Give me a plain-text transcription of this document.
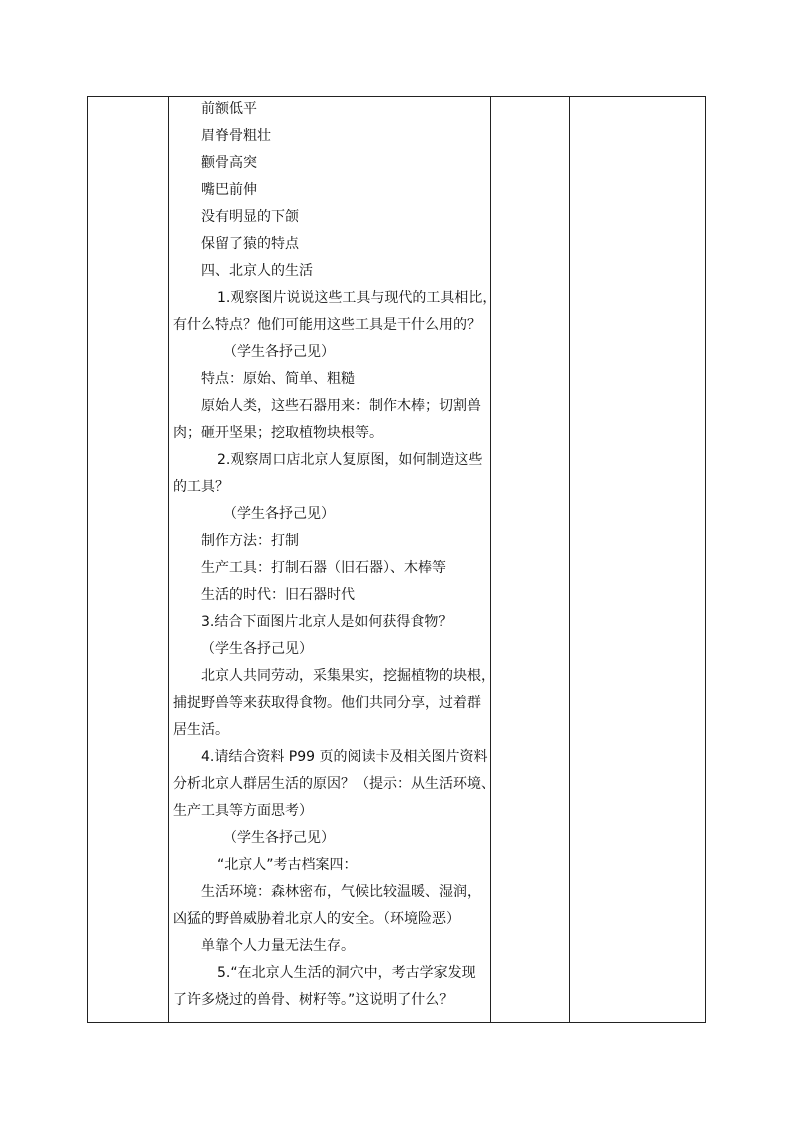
前额低平
眉脊骨粗壮
颧骨高突
嘴巴前伸
没有明显的下颌
保留了猿的特点
四、北京人的生活
1.观察图片说说这些工具与现代的工具相比，
有什么特点？他们可能用这些工具是干什么用的？
（学生各抒己见）
特点：原始、简单、粗糙
原始人类，这些石器用来：制作木棒；切割兽
肉；砸开坚果；挖取植物块根等。
2.观察周口店北京人复原图，如何制造这些
的工具？
（学生各抒己见）
制作方法：打制
生产工具：打制石器（旧石器）、木棒等
生活的时代：旧石器时代
3.结合下面图片北京人是如何获得食物？
（学生各抒己见）
北京人共同劳动，采集果实，挖掘植物的块根，
捕捉野兽等来获取得食物。他们共同分享，过着群
居生活。
4.请结合资料 P99 页的阅读卡及相关图片资料
分析北京人群居生活的原因？（提示：从生活环境、
生产工具等方面思考）
（学生各抒己见）
“北京人”考古档案四：
生活环境：森林密布，气候比较温暖、湿润，
凶猛的野兽威胁着北京人的安全。（环境险恶）
单靠个人力量无法生存。
5.“在北京人生活的洞穴中，考古学家发现
了许多烧过的兽骨、树籽等。”这说明了什么？
